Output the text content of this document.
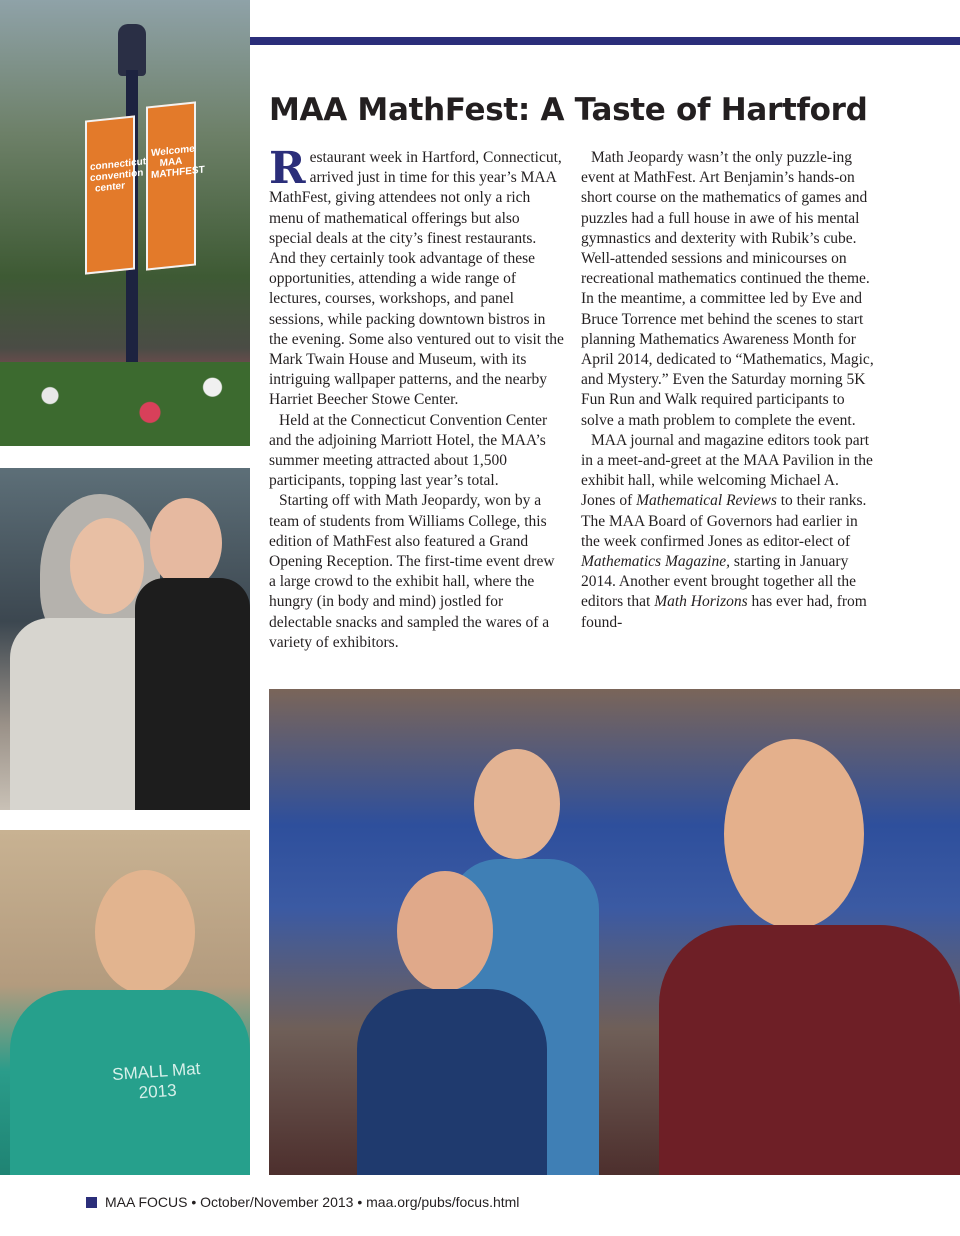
connecticut convention center
Welcome MAA MATHFEST
SMALL Mat 2013
MAA MathFest: A Taste of Hartford

Restaurant week in Hartford, Connecticut, arrived just in time for this year’s MAA MathFest, giving attendees not only a rich menu of mathematical offerings but also special deals at the city’s finest restaurants. And they certainly took advantage of these opportunities, attending a wide range of lectures, courses, workshops, and panel sessions, while packing downtown bistros in the evening. Some also ventured out to visit the Mark Twain House and Museum, with its intriguing wallpaper patterns, and the nearby Harriet Beecher Stowe Center.

Held at the Connecticut Convention Center and the adjoining Marriott Hotel, the MAA’s summer meeting attracted about 1,500 participants, topping last year’s total.

Starting off with Math Jeopardy, won by a team of students from Williams College, this edition of MathFest also featured a Grand Opening Reception. The first-time event drew a large crowd to the exhibit hall, where the hungry (in body and mind) jostled for delectable snacks and sampled the wares of a variety of exhibitors.

Math Jeopardy wasn’t the only puzzle-ing event at MathFest. Art Benjamin’s hands-on short course on the mathematics of games and puzzles had a full house in awe of his mental gymnastics and dexterity with Rubik’s cube. Well-attended sessions and minicourses on recreational mathematics continued the theme. In the meantime, a committee led by Eve and Bruce Torrence met behind the scenes to start planning Mathematics Awareness Month for April 2014, dedicated to “Mathematics, Magic, and Mystery.” Even the Saturday morning 5K Fun Run and Walk required participants to solve a math problem to complete the event.

MAA journal and magazine editors took part in a meet-and-greet at the MAA Pavilion in the exhibit hall, while welcoming Michael A. Jones of Mathematical Reviews to their ranks. The MAA Board of Governors had earlier in the week confirmed Jones as editor-elect of Mathematics Magazine, starting in January 2014. Another event brought together all the editors that Math Horizons has ever had, from found-

MAA FOCUS • October/November 2013 • maa.org/pubs/focus.html
